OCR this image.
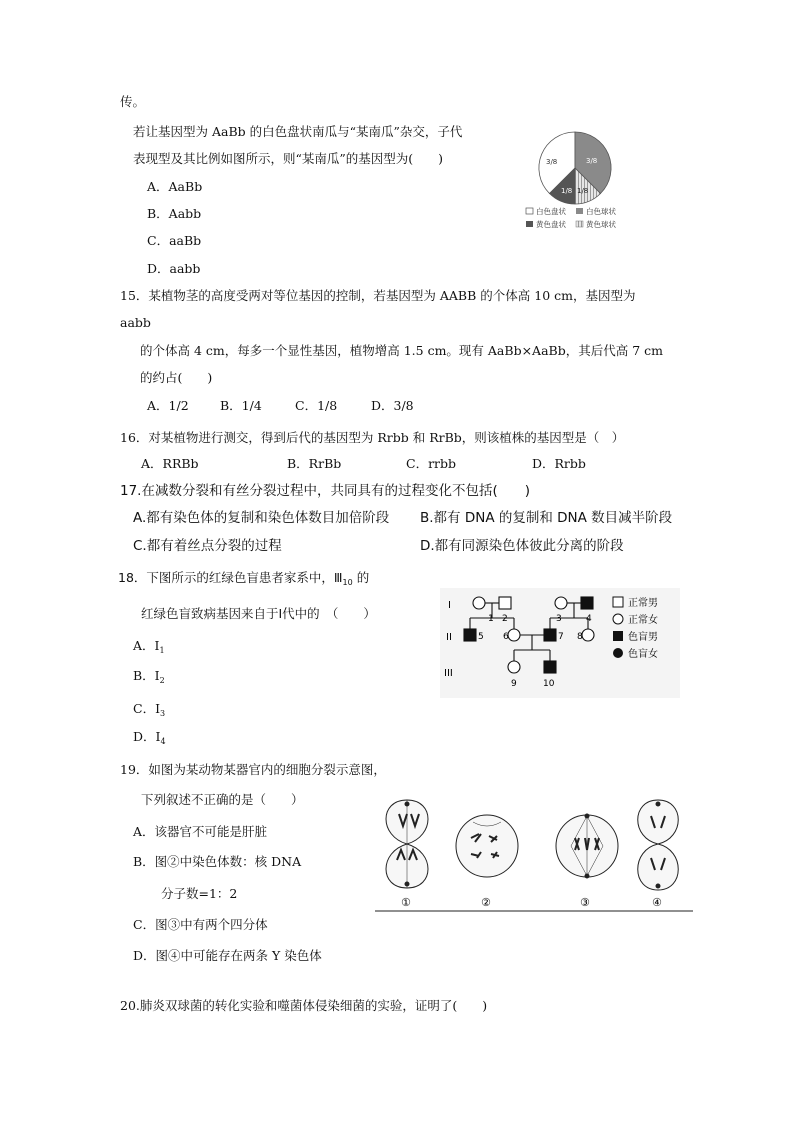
传。
若让基因型为 AaBb 的白色盘状南瓜与“某南瓜”杂交，子代
表现型及其比例如图所示，则“某南瓜”的基因型为(　　)
A．AaBb
B．Aabb
C．aaBb
D．aabb
3/8	3/8
1/8 1/8
白色盘状	白色球状
黄色盘状	黄色球状
15．某植物茎的高度受两对等位基因的控制，若基因型为 AABB 的个体高 10 cm，基因型为
aabb
的个体高 4 cm，每多一个显性基因，植物增高 1.5 cm。现有 AaBb×AaBb，其后代高 7 cm
的约占(　　)
A．1/2	B．1/4	C．1/8	D．3/8
16．对某植物进行测交，得到后代的基因型为 Rrbb 和 RrBb，则该植株的基因型是（　）
A．RRBb	B．RrBb	C．rrbb	D．Rrbb
17.在减数分裂和有丝分裂过程中，共同具有的过程变化不包括(　　)
A.都有染色体的复制和染色体数目加倍阶段 B.都有 DNA 的复制和 DNA 数目减半阶段
C.都有着丝点分裂的过程	D.都有同源染色体彼此分离的阶段
18．下图所示的红绿色盲患者家系中，$Ⅲ_{10}$ 的
红绿色盲致病基因来自于Ⅰ代中的　（　　）
A．$Ⅰ_1$
B．$Ⅰ_2$
C．$Ⅰ_3$
D．$Ⅰ_4$
I
II
III
1 2	3	4
5 6	7 8
9	10
正常男
正常女
色盲男
色盲女
19．如图为某动物某器官内的细胞分裂示意图，
下列叙述不正确的是（　　）
A．该器官不可能是肝脏
B．图②中染色体数：核 DNA
分子数=1：2
C．图③中有两个四分体
D．图④中可能存在两条 Y 染色体
①	②	③	④
20.肺炎双球菌的转化实验和噬菌体侵染细菌的实验，证明了(　　)
